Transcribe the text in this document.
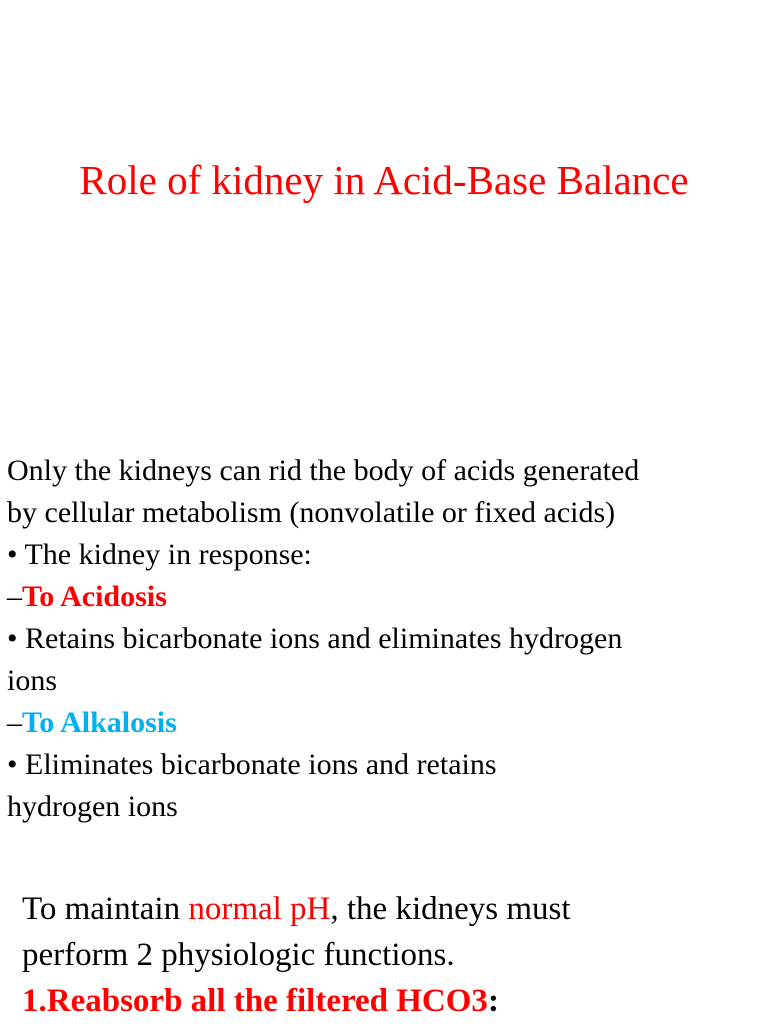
Role of kidney in Acid-Base Balance
Only the kidneys can rid the body of acids generated
by cellular metabolism (nonvolatile or fixed acids)
• The kidney in response:
–To Acidosis
• Retains bicarbonate ions and eliminates hydrogen
ions
–To Alkalosis
• Eliminates bicarbonate ions and retains
hydrogen ions
To maintain normal pH, the kidneys must
perform 2 physiologic functions.
1.Reabsorb all the filtered HCO3:
